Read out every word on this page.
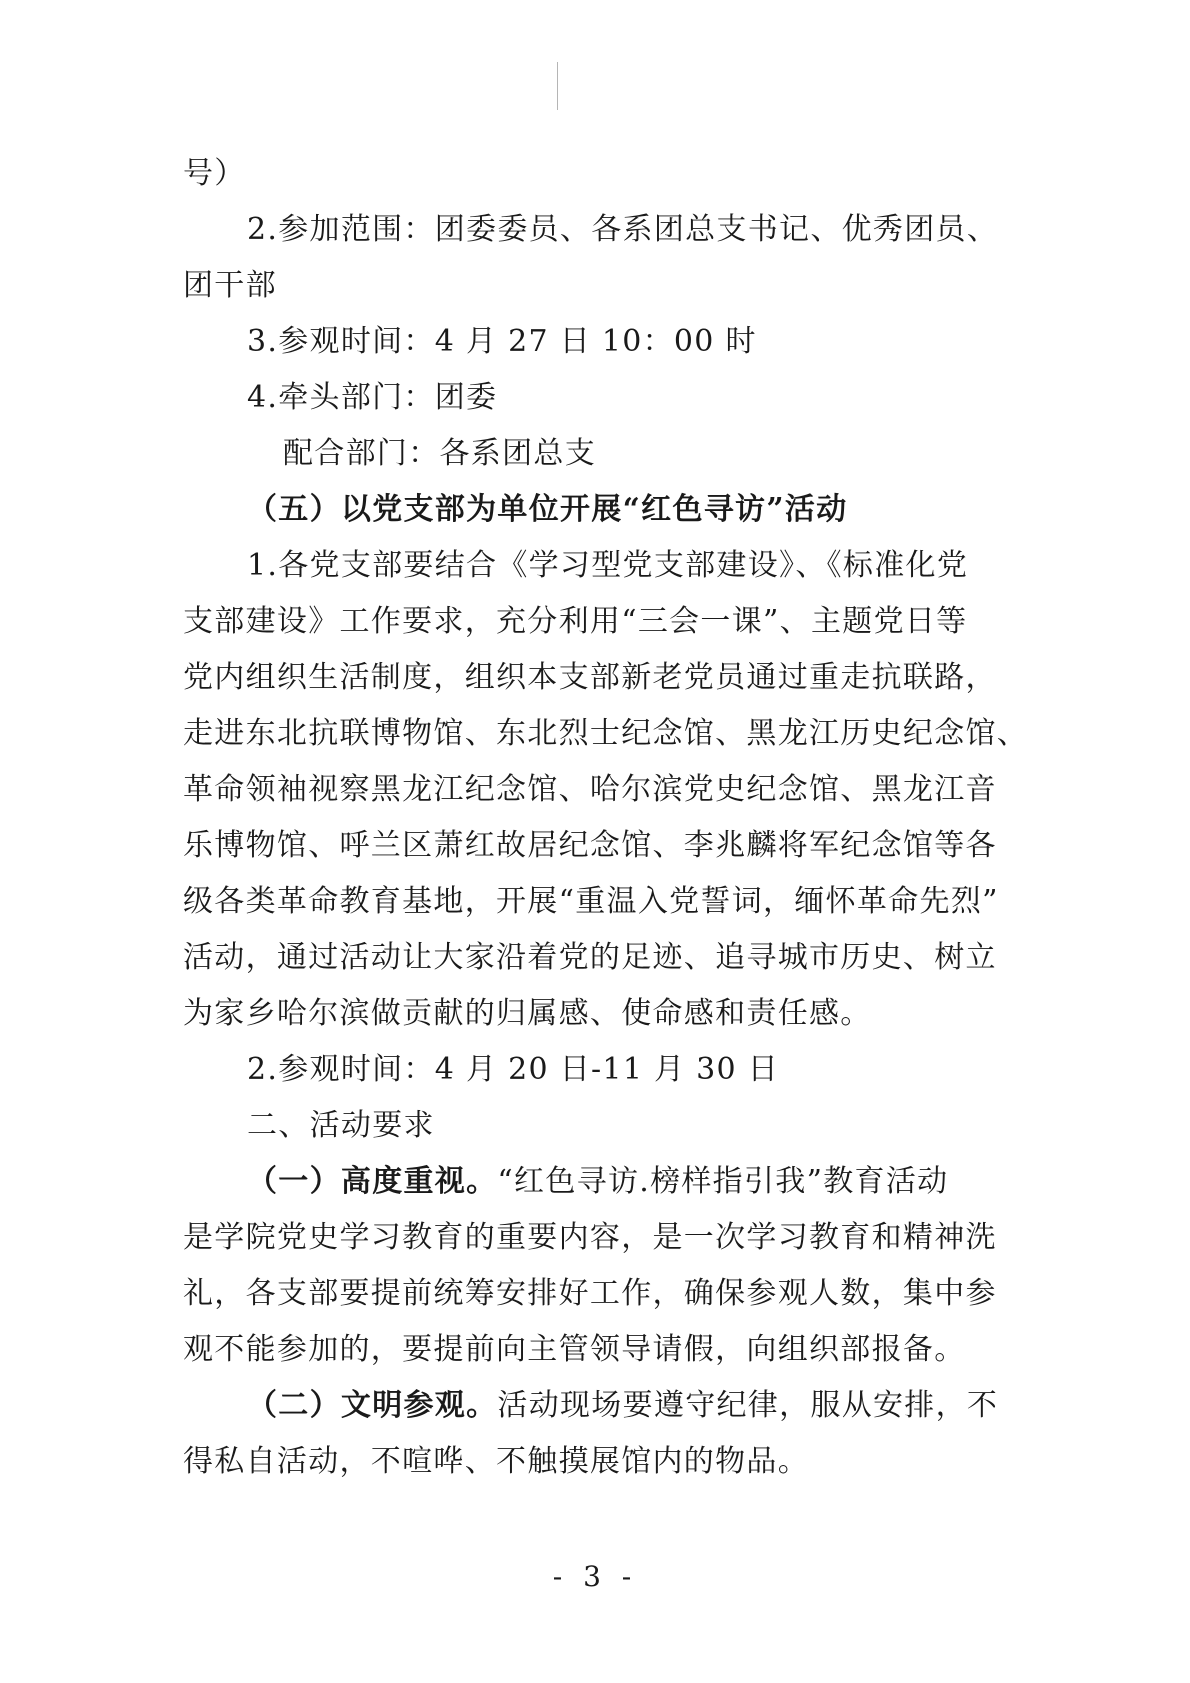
号）
2.参加范围：团委委员、各系团总支书记、优秀团员、
团干部
3.参观时间：4 月 27 日 10：00 时
4.牵头部门：团委
配合部门：各系团总支
（五）以党支部为单位开展“红色寻访”活动
1.各党支部要结合《学习型党支部建设》、《标准化党
支部建设》工作要求，充分利用“三会一课”、主题党日等
党内组织生活制度，组织本支部新老党员通过重走抗联路，
走进东北抗联博物馆、东北烈士纪念馆、黑龙江历史纪念馆、
革命领袖视察黑龙江纪念馆、哈尔滨党史纪念馆、黑龙江音
乐博物馆、呼兰区萧红故居纪念馆、李兆麟将军纪念馆等各
级各类革命教育基地，开展“重温入党誓词，缅怀革命先烈”
活动，通过活动让大家沿着党的足迹、追寻城市历史、树立
为家乡哈尔滨做贡献的归属感、使命感和责任感。
2.参观时间：4 月 20 日-11 月 30 日
二、活动要求
（一）高度重视。“红色寻访.榜样指引我”教育活动
是学院党史学习教育的重要内容，是一次学习教育和精神洗
礼，各支部要提前统筹安排好工作，确保参观人数，集中参
观不能参加的，要提前向主管领导请假，向组织部报备。
（二）文明参观。活动现场要遵守纪律，服从安排，不
得私自活动，不喧哗、不触摸展馆内的物品。
- 3 -
